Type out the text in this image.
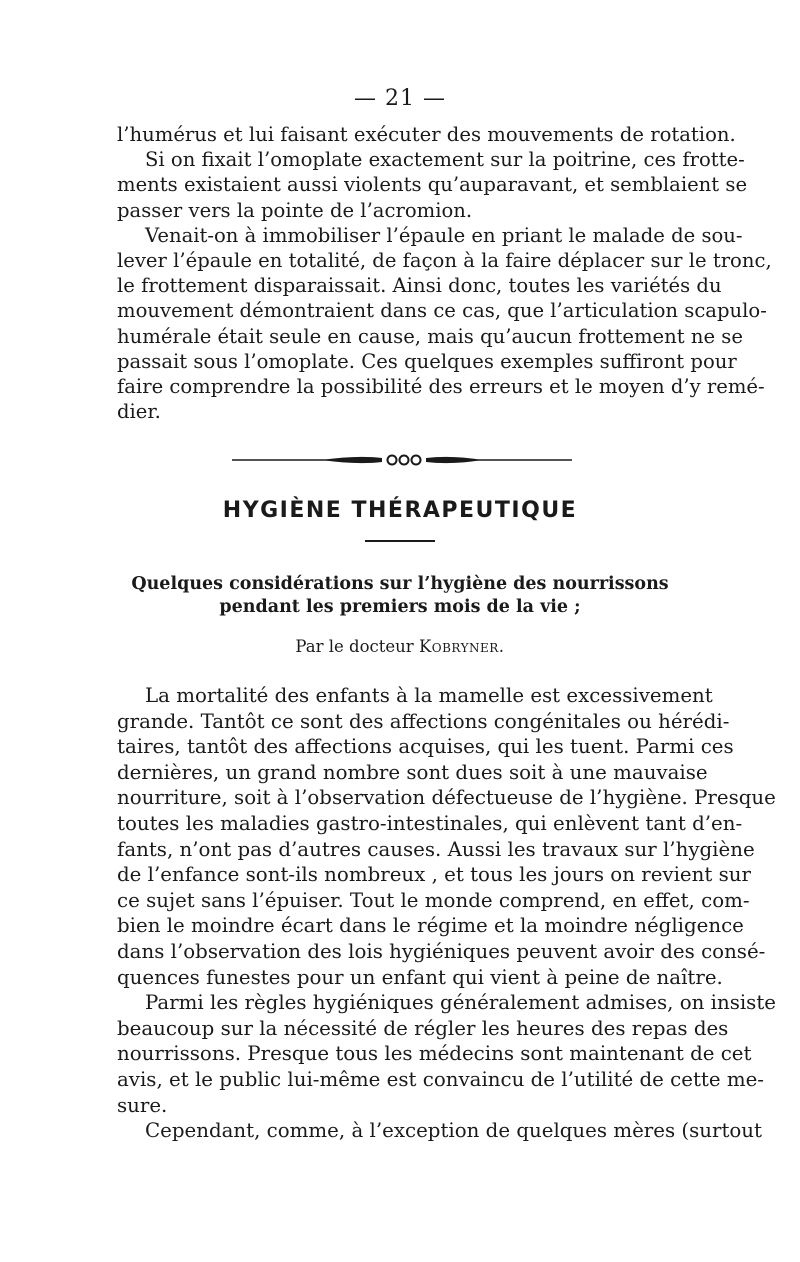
— 21 —
l’humérus et lui faisant exécuter des mouvements de rotation.
Si on fixait l’omoplate exactement sur la poitrine, ces frotte-
ments existaient aussi violents qu’auparavant, et semblaient se
passer vers la pointe de l’acromion.
Venait-on à immobiliser l’épaule en priant le malade de sou-
lever l’épaule en totalité, de façon à la faire déplacer sur le tronc,
le frottement disparaissait. Ainsi donc, toutes les variétés du
mouvement démontraient dans ce cas, que l’articulation scapulo-
humérale était seule en cause, mais qu’aucun frottement ne se
passait sous l’omoplate. Ces quelques exemples suffiront pour
faire comprendre la possibilité des erreurs et le moyen d’y remé-
dier.
HYGIÈNE THÉRAPEUTIQUE
Quelques considérations sur l’hygiène des nourrissons
pendant les premiers mois de la vie ;
Par le docteur Kobryner.
La mortalité des enfants à la mamelle est excessivement
grande. Tantôt ce sont des affections congénitales ou hérédi-
taires, tantôt des affections acquises, qui les tuent. Parmi ces
dernières, un grand nombre sont dues soit à une mauvaise
nourriture, soit à l’observation défectueuse de l’hygiène. Presque
toutes les maladies gastro-intestinales, qui enlèvent tant d’en-
fants, n’ont pas d’autres causes. Aussi les travaux sur l’hygiène
de l’enfance sont-ils nombreux , et tous les jours on revient sur
ce sujet sans l’épuiser. Tout le monde comprend, en effet, com-
bien le moindre écart dans le régime et la moindre négligence
dans l’observation des lois hygiéniques peuvent avoir des consé-
quences funestes pour un enfant qui vient à peine de naître.
Parmi les règles hygiéniques généralement admises, on insiste
beaucoup sur la nécessité de régler les heures des repas des
nourrissons. Presque tous les médecins sont maintenant de cet
avis, et le public lui-même est convaincu de l’utilité de cette me-
sure.
Cependant, comme, à l’exception de quelques mères (surtout
